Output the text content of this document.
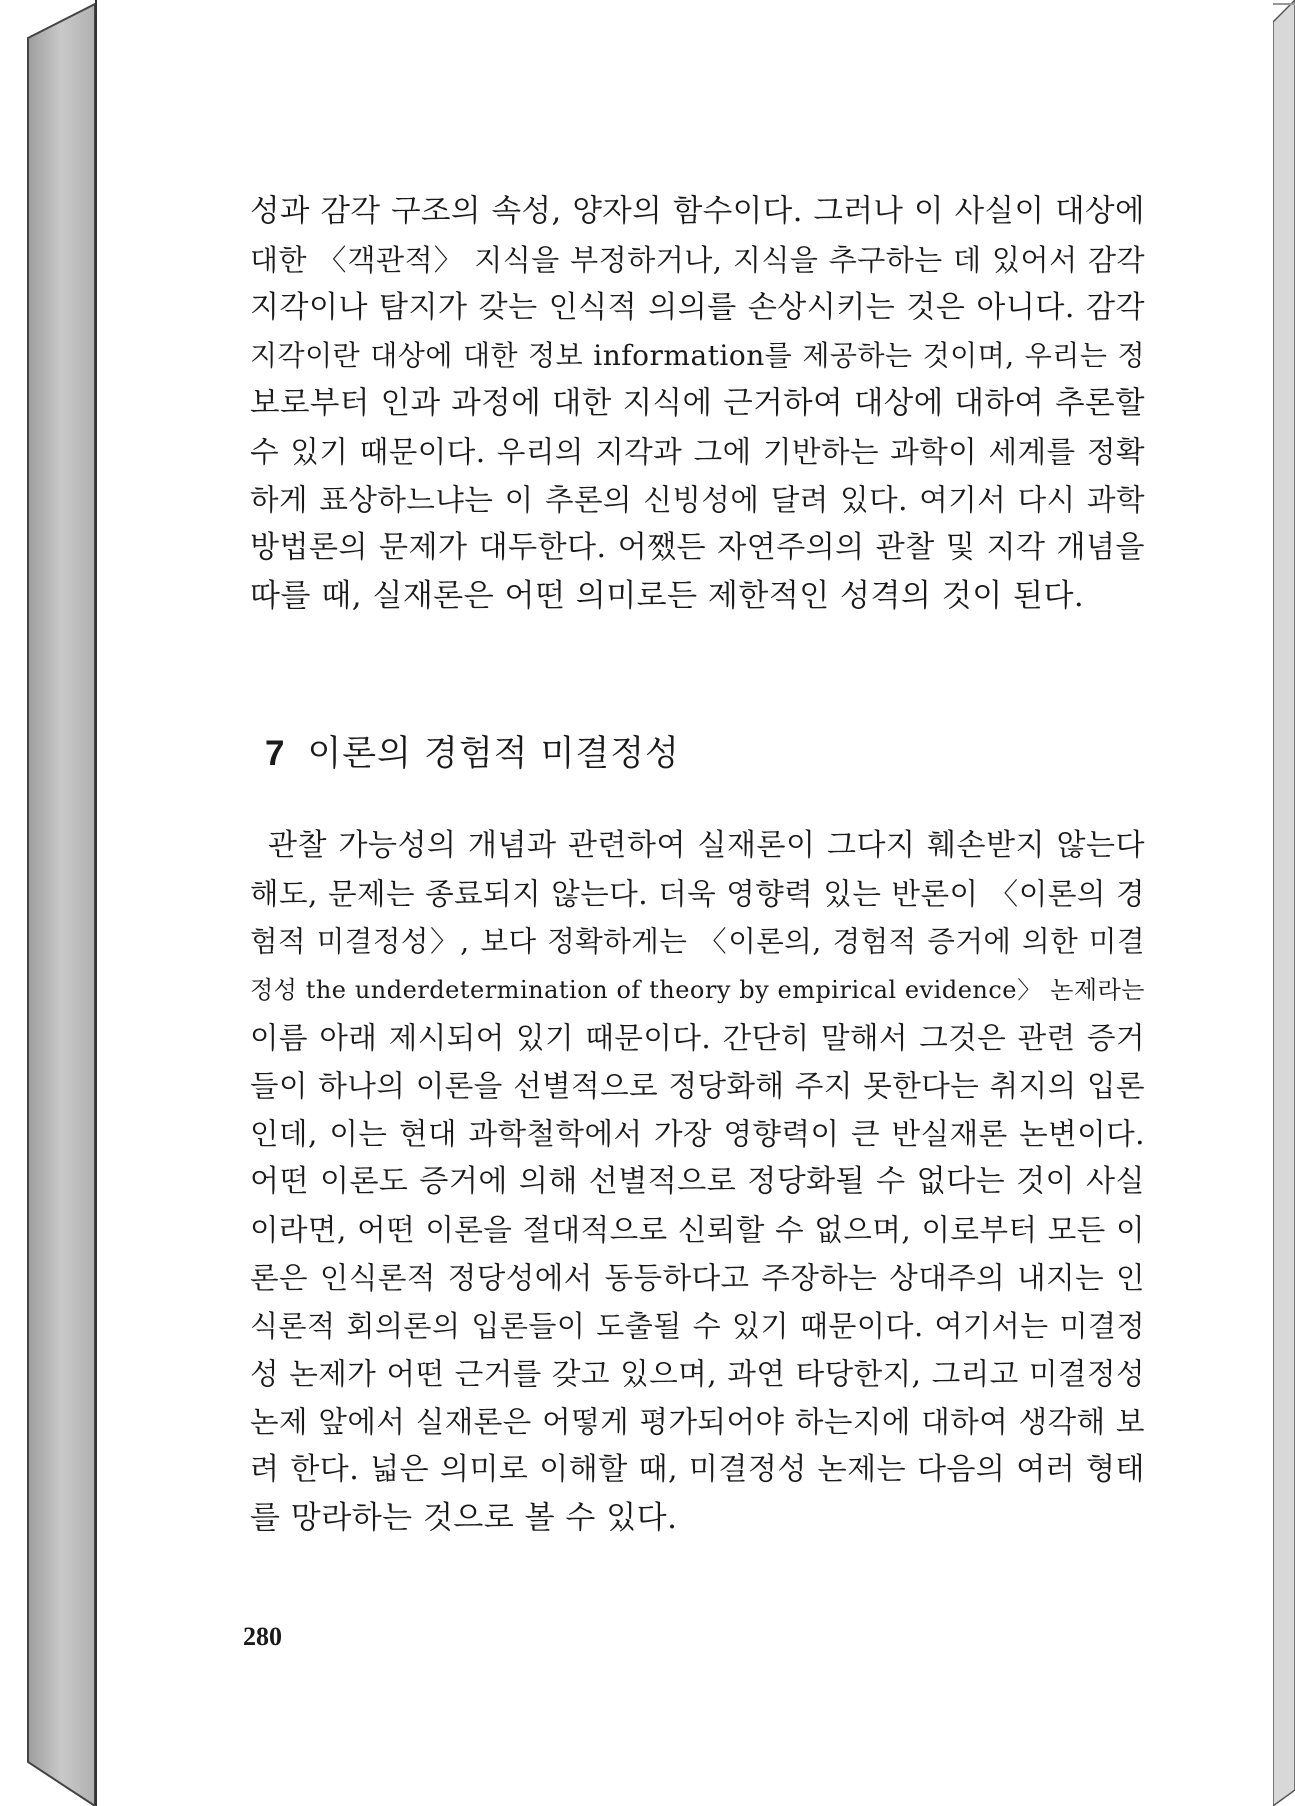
성과 감각 구조의 속성, 양자의 함수이다. 그러나 이 사실이 대상에
대한 〈객관적〉 지식을 부정하거나, 지식을 추구하는 데 있어서 감각
지각이나 탐지가 갖는 인식적 의의를 손상시키는 것은 아니다. 감각
지각이란 대상에 대한 정보 information를 제공하는 것이며, 우리는 정
보로부터 인과 과정에 대한 지식에 근거하여 대상에 대하여 추론할
수 있기 때문이다. 우리의 지각과 그에 기반하는 과학이 세계를 정확
하게 표상하느냐는 이 추론의 신빙성에 달려 있다. 여기서 다시 과학
방법론의 문제가 대두한다. 어쨌든 자연주의의 관찰 및 지각 개념을
따를 때, 실재론은 어떤 의미로든 제한적인 성격의 것이 된다.
7 이론의 경험적 미결정성
관찰 가능성의 개념과 관련하여 실재론이 그다지 훼손받지 않는다
해도, 문제는 종료되지 않는다. 더욱 영향력 있는 반론이 〈이론의 경
험적 미결정성〉, 보다 정확하게는 〈이론의, 경험적 증거에 의한 미결
정성 the underdetermination of theory by empirical evidence〉 논제라는
이름 아래 제시되어 있기 때문이다. 간단히 말해서 그것은 관련 증거
들이 하나의 이론을 선별적으로 정당화해 주지 못한다는 취지의 입론
인데, 이는 현대 과학철학에서 가장 영향력이 큰 반실재론 논변이다.
어떤 이론도 증거에 의해 선별적으로 정당화될 수 없다는 것이 사실
이라면, 어떤 이론을 절대적으로 신뢰할 수 없으며, 이로부터 모든 이
론은 인식론적 정당성에서 동등하다고 주장하는 상대주의 내지는 인
식론적 회의론의 입론들이 도출될 수 있기 때문이다. 여기서는 미결정
성 논제가 어떤 근거를 갖고 있으며, 과연 타당한지, 그리고 미결정성
논제 앞에서 실재론은 어떻게 평가되어야 하는지에 대하여 생각해 보
려 한다. 넓은 의미로 이해할 때, 미결정성 논제는 다음의 여러 형태
를 망라하는 것으로 볼 수 있다.
280
